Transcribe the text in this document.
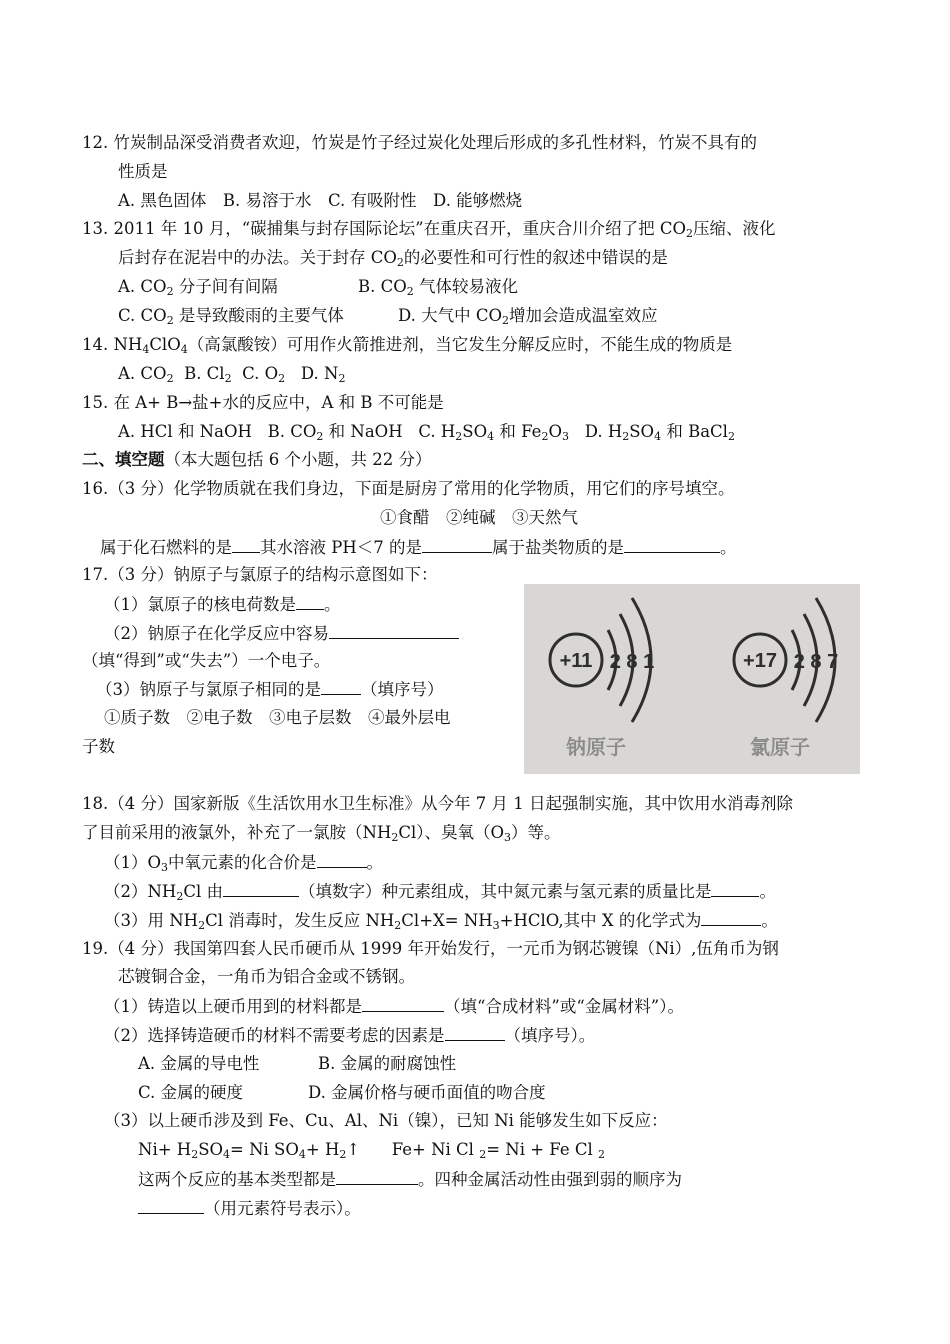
12. 竹炭制品深受消费者欢迎，竹炭是竹子经过炭化处理后形成的多孔性材料，竹炭不具有的
性质是
A. 黑色固体　B. 易溶于水　C. 有吸附性　D. 能够燃烧
13. 2011 年 10 月，“碳捕集与封存国际论坛”在重庆召开，重庆合川介绍了把 $CO_2$压缩、液化
后封存在泥岩中的办法。关于封存 $CO_2$的必要性和可行性的叙述中错误的是
A. $CO_2$ 分子间有间隔	B. $CO_2$ 气体较易液化
C. $CO_2$ 是导致酸雨的主要气体	D. 大气中 $CO_2$增加会造成温室效应
14. $NH_4ClO_4$（高氯酸铵）可用作火箭推进剂，当它发生分解反应时，不能生成的物质是
A. $CO_2$ B. $Cl_2$ C. $O_2$ D. $N_2$
15. 在 A+ B→盐+水的反应中，A 和 B 不可能是
A. HCl 和 NaOH B. $CO_2$ 和 NaOH C. $H_2SO_4$ 和 $Fe_2O_3$ D. $H_2SO_4$ 和 BaCl$_2$
二、填空题（本大题包括 6 个小题，共 22 分）
16.（3 分）化学物质就在我们身边，下面是厨房了常用的化学物质，用它们的序号填空。
①食醋　②纯碱　③天然气
属于化石燃料的是 其水溶液 PH＜7 的是	属于盐类物质的是	。
17.（3 分）钠原子与氯原子的结构示意图如下：
（1）氯原子的核电荷数是 。
（2）钠原子在化学反应中容易
（填“得到”或“失去”）一个电子。
（3）钠原子与氯原子相同的是 （填序号）
①质子数　②电子数　③电子层数　④最外层电
子数
+11 2 8 1
钠原子
+17 2 8 7
氯原子
18.（4 分）国家新版《生活饮用水卫生标准》从今年 7 月 1 日起强制实施，其中饮用水消毒剂除
了目前采用的液氯外，补充了一氯胺$(NH_2Cl)$、臭氧$(O_3)$等。
$(1)O_3$中氧元素的化合价是	。
$(2)NH_2Cl$ 由	（填数字）种元素组成，其中氮元素与氢元素的质量比是	。
（3）用 $NH_2Cl$ 消毒时，发生反应 $NH_2Cl+X=$ $NH_3+HClO$,其中 X 的化学式为	。
19.（4 分）我国第四套人民币硬币从 1999 年开始发行，一元币为钢芯镀镍（Ni）,伍角币为钢
芯镀铜合金，一角币为铝合金或不锈钢。
（1）铸造以上硬币用到的材料都是	（填“合成材料”或“金属材料”）。
（2）选择铸造硬币的材料不需要考虑的因素是	（填序号）。
A. 金属的导电性	B. 金属的耐腐蚀性
C. 金属的硬度	D. 金属价格与硬币面值的吻合度
（3）以上硬币涉及到 Fe、Cu、Al、Ni（镍），已知 Ni 能够发生如下反应：
$Ni+ H_2SO_4= Ni$ $SO_4+$ $H_2↑$ Fe+ Ni Cl $_2$= Ni + Fe Cl $_2$
这两个反应的基本类型都是	。四种金属活动性由强到弱的顺序为
（用元素符号表示）。
